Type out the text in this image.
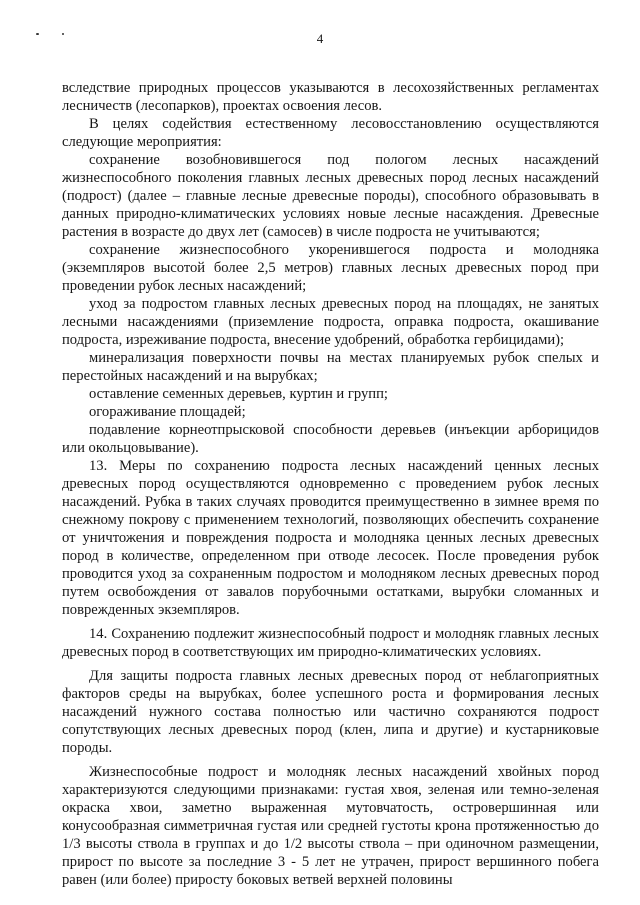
4

вследствие природных процессов указываются в лесохозяйственных регламентах лесничеств (лесопарков), проектах освоения лесов.

В целях содействия естественному лесовосстановлению осуществляются следующие мероприятия:

сохранение возобновившегося под пологом лесных насаждений жизнеспособного поколения главных лесных древесных пород лесных насаждений (подрост) (далее – главные лесные древесные породы), способного образовывать в данных природно-климатических условиях новые лесные насаждения. Древесные растения в возрасте до двух лет (самосев) в числе подроста не учитываются;

сохранение жизнеспособного укоренившегося подроста и молодняка (экземпляров высотой более 2,5 метров) главных лесных древесных пород при проведении рубок лесных насаждений;

уход за подростом главных лесных древесных пород на площадях, не занятых лесными насаждениями (приземление подроста, оправка подроста, окашивание подроста, изреживание подроста, внесение удобрений, обработка гербицидами);

минерализация поверхности почвы на местах планируемых рубок спелых и перестойных насаждений и на вырубках;

оставление семенных деревьев, куртин и групп;

огораживание площадей;

подавление корнеотпрысковой способности деревьев (инъекции арборицидов или окольцовывание).

13. Меры по сохранению подроста лесных насаждений ценных лесных древесных пород осуществляются одновременно с проведением рубок лесных насаждений. Рубка в таких случаях проводится преимущественно в зимнее время по снежному покрову с применением технологий, позволяющих обеспечить сохранение от уничтожения и повреждения подроста и молодняка ценных лесных древесных пород в количестве, определенном при отводе лесосек. После проведения рубок проводится уход за сохраненным подростом и молодняком лесных древесных пород путем освобождения от завалов порубочными остатками, вырубки сломанных и поврежденных экземпляров.

14. Сохранению подлежит жизнеспособный подрост и молодняк главных лесных древесных пород в соответствующих им природно-климатических условиях.

Для защиты подроста главных лесных древесных пород от неблагоприятных факторов среды на вырубках, более успешного роста и формирования лесных насаждений нужного состава полностью или частично сохраняются подрост сопутствующих лесных древесных пород (клен, липа и другие) и кустарниковые породы.

Жизнеспособные подрост и молодняк лесных насаждений хвойных пород характеризуются следующими признаками: густая хвоя, зеленая или темно-зеленая окраска хвои, заметно выраженная мутовчатость, островершинная или конусообразная симметричная густая или средней густоты крона протяженностью до 1/3 высоты ствола в группах и до 1/2 высоты ствола – при одиночном размещении, прирост по высоте за последние 3 - 5 лет не утрачен, прирост вершинного побега равен (или более) приросту боковых ветвей верхней половины
